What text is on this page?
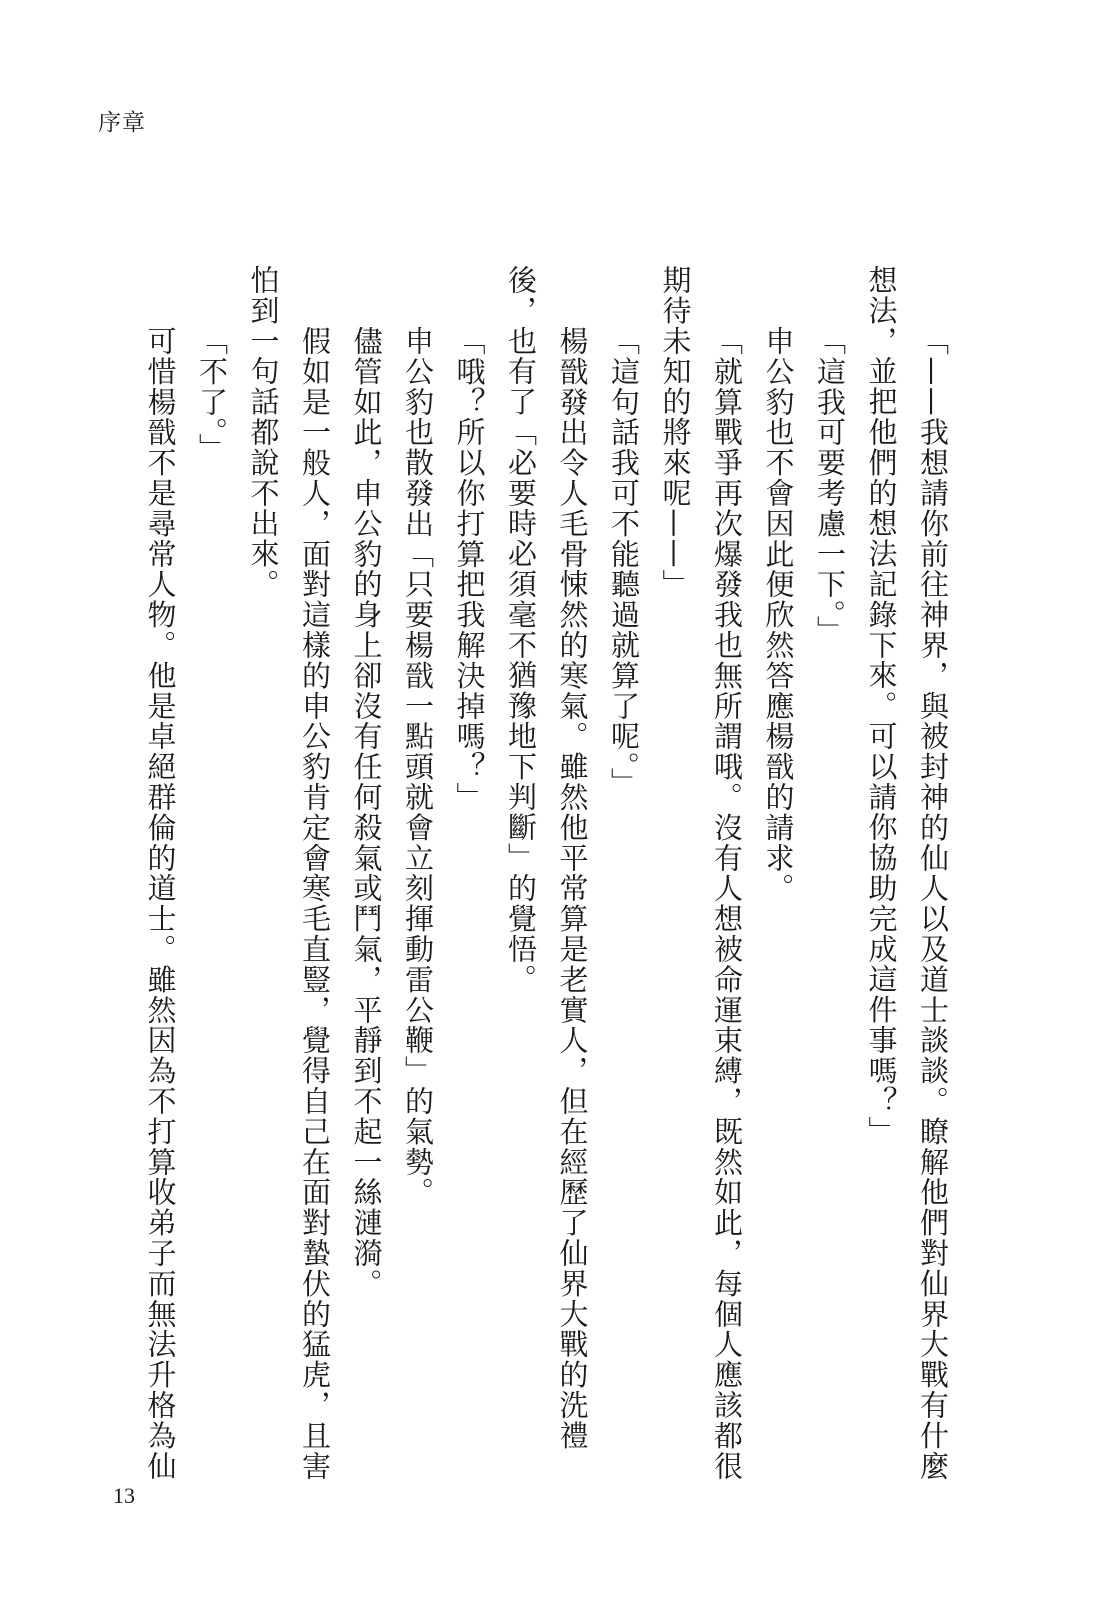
序章

「——我想請你前往神界，與被封神的仙人以及道士談談。瞭解他們對仙界大戰有什麼想法，並把他們的想法記錄下來。可以請你協助完成這件事嗎？」

「這我可要考慮一下。」

申公豹也不會因此便欣然答應楊戩的請求。

「就算戰爭再次爆發我也無所謂哦。沒有人想被命運束縛，既然如此，每個人應該都很期待未知的將來呢——」

「這句話我可不能聽過就算了呢。」

楊戩發出令人毛骨悚然的寒氣。雖然他平常算是老實人，但在經歷了仙界大戰的洗禮後，也有了「必要時必須毫不猶豫地下判斷」的覺悟。

「哦？所以你打算把我解決掉嗎？」

申公豹也散發出「只要楊戩一點頭就會立刻揮動雷公鞭」的氣勢。

儘管如此，申公豹的身上卻沒有任何殺氣或鬥氣，平靜到不起一絲漣漪。

假如是一般人，面對這樣的申公豹肯定會寒毛直豎，覺得自己在面對蟄伏的猛虎，且害怕到一句話都說不出來。

「不了。」

可惜楊戩不是尋常人物。他是卓絕群倫的道士。雖然因為不打算收弟子而無法升格為仙

13
